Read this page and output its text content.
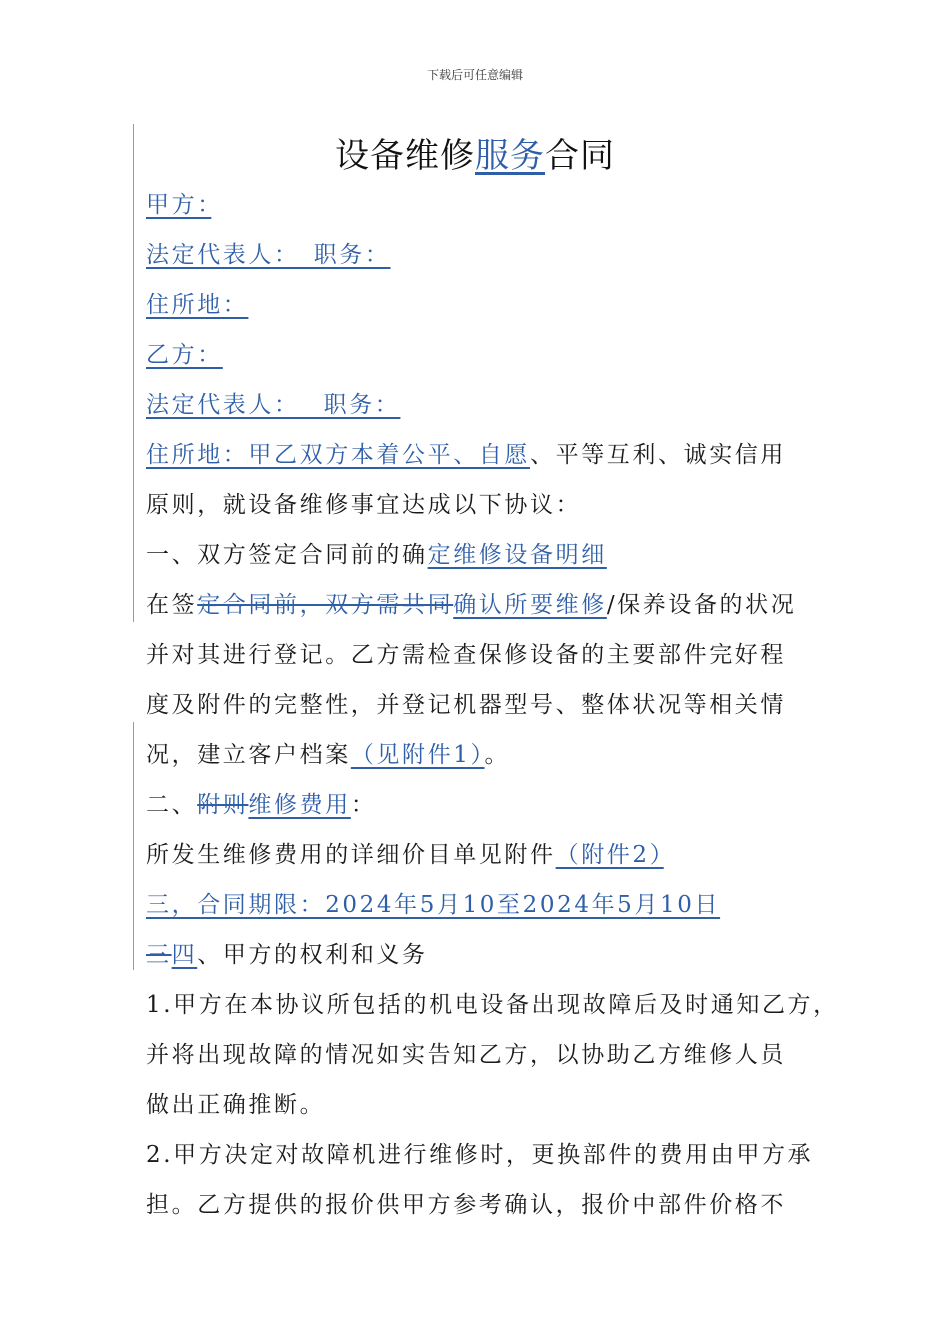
下载后可任意编辑
设备维修服务合同
甲方：　
法定代表人：　职务：
住所地：
乙方：
法定代表人：　 职务：
住所地：甲乙双方本着公平、自愿、平等互利、诚实信用
原则，就设备维修事宜达成以下协议：
一、双方签定合同前的确定维修设备明细
在签定合同前，双方需共同确认所要维修/保养设备的状况
并对其进行登记。乙方需检查保修设备的主要部件完好程
度及附件的完整性，并登记机器型号、整体状况等相关情
况，建立客户档案（见附件1）。
二、附则维修费用：
所发生维修费用的详细价目单见附件（附件2）　
三，合同期限：2024年5月10至2024年5月10日
三四、甲方的权利和义务
1.甲方在本协议所包括的机电设备出现故障后及时通知乙方，
并将出现故障的情况如实告知乙方，以协助乙方维修人员
做出正确推断。
2.甲方决定对故障机进行维修时，更换部件的费用由甲方承
担。乙方提供的报价供甲方参考确认，报价中部件价格不
